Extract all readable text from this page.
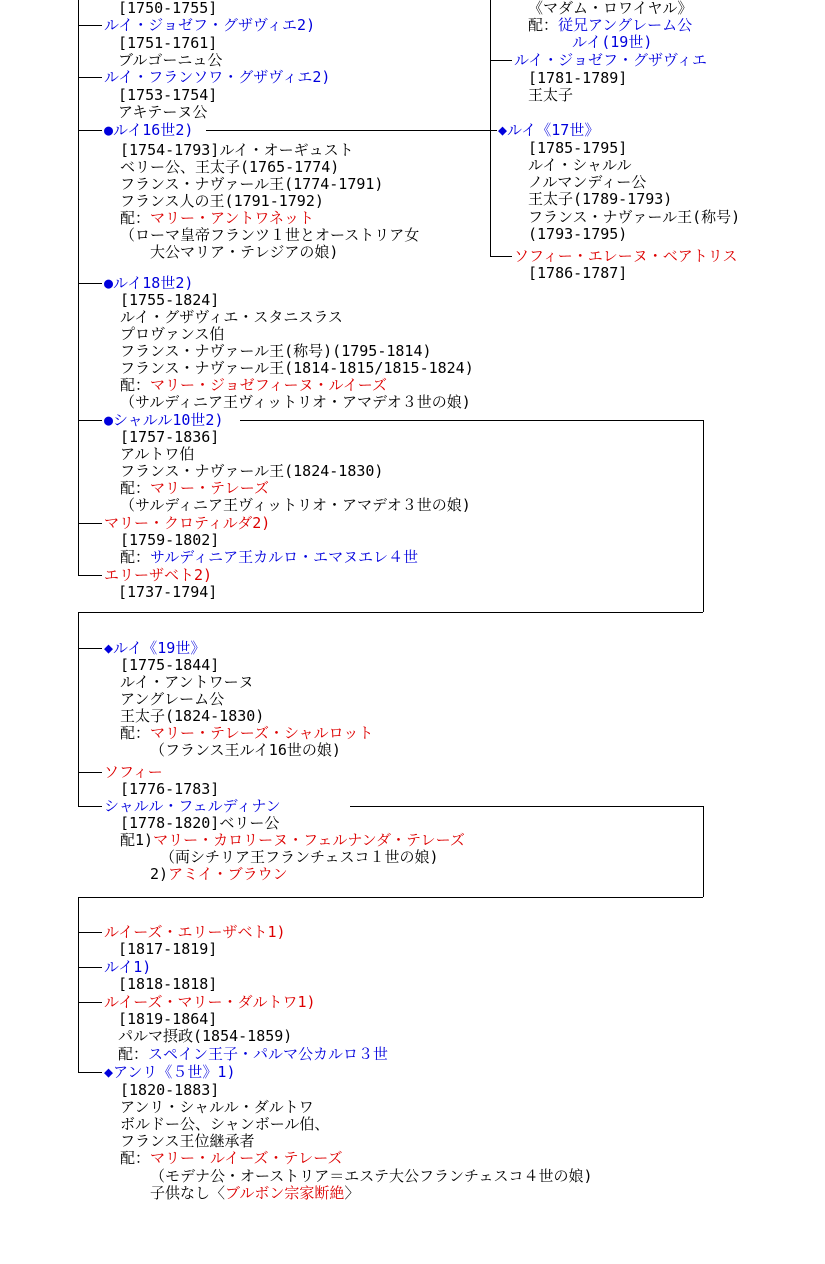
[1750-1755]
ルイ・ジョゼフ・グザヴィエ2)
[1751-1761]
ブルゴーニュ公
ルイ・フランソワ・グザヴィエ2)
[1753-1754]
アキテーヌ公
●ルイ16世2)
[1754-1793]ルイ・オーギュスト
ベリー公、王太子(1765-1774)
フランス・ナヴァール王(1774-1791)
フランス人の王(1791-1792)
配：マリー・アントワネット
（ローマ皇帝フランツ１世とオーストリア女
大公マリア・テレジアの娘)
●ルイ18世2)
[1755-1824]
ルイ・グザヴィエ・スタニスラス
プロヴァンス伯
フランス・ナヴァール王(称号)(1795-1814)
フランス・ナヴァール王(1814-1815/1815-1824)
配：マリー・ジョゼフィーヌ・ルイーズ
（サルディニア王ヴィットリオ・アマデオ３世の娘)
●シャルル10世2)
[1757-1836]
アルトワ伯
フランス・ナヴァール王(1824-1830)
配：マリー・テレーズ
（サルディニア王ヴィットリオ・アマデオ３世の娘)
マリー・クロティルダ2)
[1759-1802]
配：サルディニア王カルロ・エマヌエレ４世
エリーザベト2)
[1737-1794]
◆ルイ《19世》
[1775-1844]
ルイ・アントワーヌ
アングレーム公
王太子(1824-1830)
配：マリー・テレーズ・シャルロット
（フランス王ルイ16世の娘)
ソフィー
[1776-1783]
シャルル・フェルディナン
[1778-1820]ベリー公
配1)マリー・カロリーヌ・フェルナンダ・テレーズ
（両シチリア王フランチェスコ１世の娘)
2)アミイ・ブラウン
ルイーズ・エリーザベト1)
[1817-1819]
ルイ1)
[1818-1818]
ルイーズ・マリー・ダルトワ1)
[1819-1864]
パルマ摂政(1854-1859)
配：スペイン王子・パルマ公カルロ３世
◆アンリ《５世》1)
[1820-1883]
アンリ・シャルル・ダルトワ
ボルドー公、シャンボール伯、
フランス王位継承者
配：マリー・ルイーズ・テレーズ
（モデナ公・オーストリア＝エステ大公フランチェスコ４世の娘)
子供なし〈ブルボン宗家断絶〉
《マダム・ロワイヤル》
配：従兄アングレーム公
ルイ(19世)
ルイ・ジョゼフ・グザヴィエ
[1781-1789]
王太子
◆ルイ《17世》
[1785-1795]
ルイ・シャルル
ノルマンディー公
王太子(1789-1793)
フランス・ナヴァール王(称号)
(1793-1795)
ソフィー・エレーヌ・ベアトリス
[1786-1787]
